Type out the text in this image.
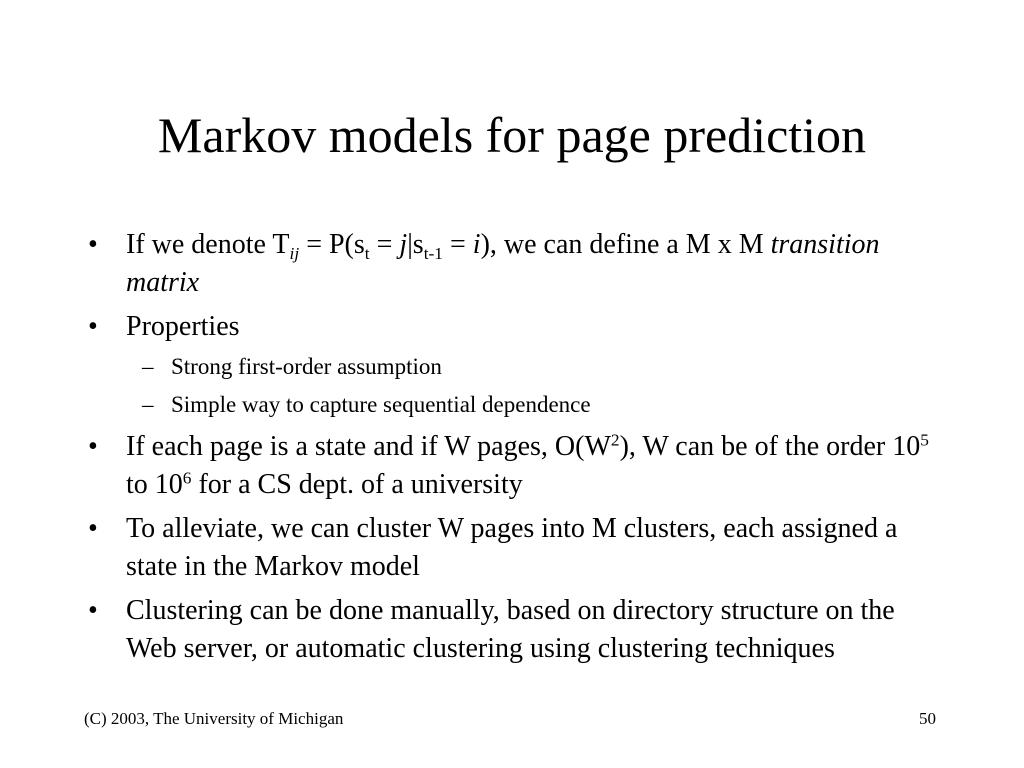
Markov models for page prediction
• If we denote $T_{ij} = P(s_t = j|s_{t-1} = i)$, we can define a M x M transition matrix
• Properties
– Strong first-order assumption
– Simple way to capture sequential dependence
• If each page is a state and if W pages, $O(W^2)$, W can be of the order $10^5$ to $10^6$ for a CS dept. of a university
• To alleviate, we can cluster W pages into M clusters, each assigned a state in the Markov model
• Clustering can be done manually, based on directory structure on the Web server, or automatic clustering using clustering techniques
(C) 2003, The University of Michigan	50
